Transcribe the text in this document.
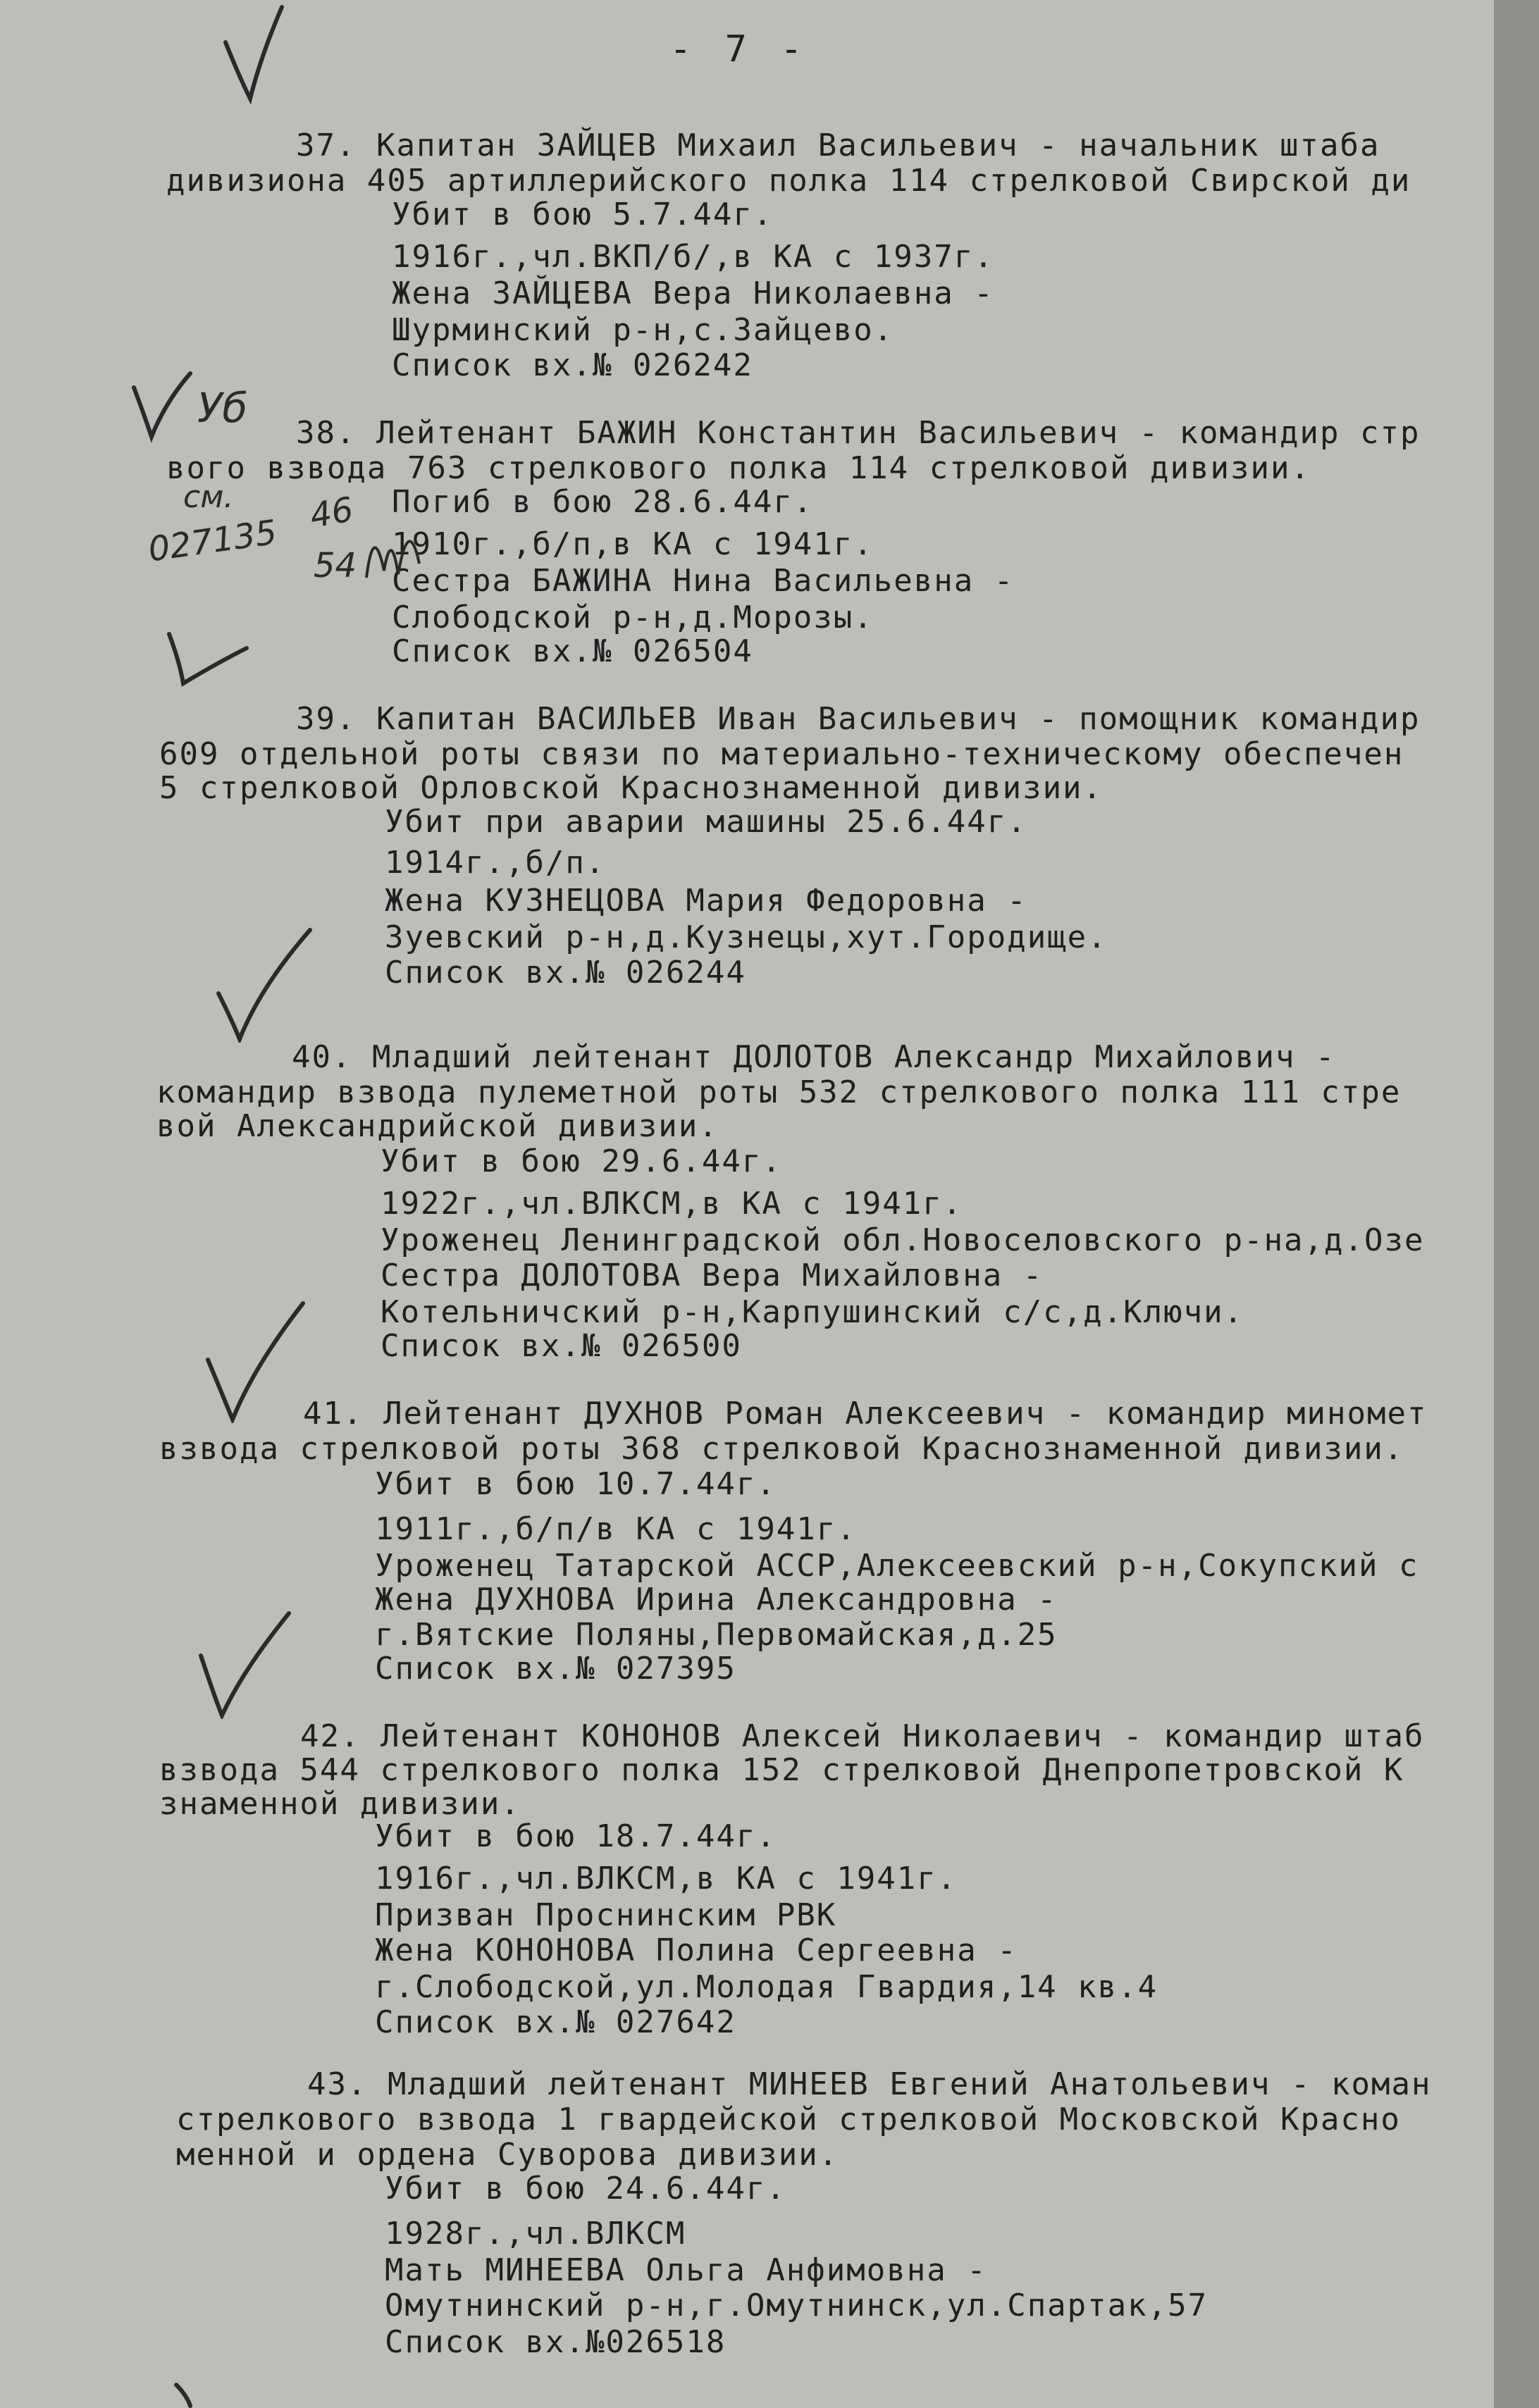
- 7 -
37. Капитан ЗАЙЦЕВ Михаил Васильевич - начальник штаба
дивизиона 405 артиллерийского полка 114 стрелковой Свирской ди
Убит в бою 5.7.44г.
1916г.,чл.ВКП/б/,в КА с 1937г.
Жена ЗАЙЦЕВА Вера Николаевна -
Шурминский р-н,с.Зайцево.
Список вх.№ 026242
38. Лейтенант БАЖИН Константин Васильевич - командир стр
вого взвода 763 стрелкового полка 114 стрелковой дивизии.
Погиб в бою 28.6.44г.
1910г.,б/п,в КА с 1941г.
Сестра БАЖИНА Нина Васильевна -
Слободской р-н,д.Морозы.
Список вх.№ 026504
39. Капитан ВАСИЛЬЕВ Иван Васильевич - помощник командир
609 отдельной роты связи по материально-техническому обеспечен
5 стрелковой Орловской Краснознаменной дивизии.
Убит при аварии машины 25.6.44г.
1914г.,б/п.
Жена КУЗНЕЦОВА Мария Федоровна -
Зуевский р-н,д.Кузнецы,хут.Городище.
Список вх.№ 026244
40. Младший лейтенант ДОЛОТОВ Александр Михайлович -
командир взвода пулеметной роты 532 стрелкового полка 111 стре
вой Александрийской дивизии.
Убит в бою 29.6.44г.
1922г.,чл.ВЛКСМ,в КА с 1941г.
Уроженец Ленинградской обл.Новоселовского р-на,д.Озе
Сестра ДОЛОТОВА Вера Михайловна -
Котельничский р-н,Карпушинский с/с,д.Ключи.
Список вх.№ 026500
41. Лейтенант ДУХНОВ Роман Алексеевич - командир миномет
взвода стрелковой роты 368 стрелковой Краснознаменной дивизии.
Убит в бою 10.7.44г.
1911г.,б/п/в КА с 1941г.
Уроженец Татарской АССР,Алексеевский р-н,Сокупский с
Жена ДУХНОВА Ирина Александровна -
г.Вятские Поляны,Первомайская,д.25
Список вх.№ 027395
42. Лейтенант КОНОНОВ Алексей Николаевич - командир штаб
взвода 544 стрелкового полка 152 стрелковой Днепропетровской К
знаменной дивизии.
Убит в бою 18.7.44г.
1916г.,чл.ВЛКСМ,в КА с 1941г.
Призван Проснинским РВК
Жена КОНОНОВА Полина Сергеевна -
г.Слободской,ул.Молодая Гвардия,14 кв.4
Список вх.№ 027642
43. Младший лейтенант МИНЕЕВ Евгений Анатольевич - коман
стрелкового взвода 1 гвардейской стрелковой Московской Красно
менной и ордена Суворова дивизии.
Убит в бою 24.6.44г.
1928г.,чл.ВЛКСМ
Мать МИНЕЕВА Ольга Анфимовна -
Омутнинский р-н,г.Омутнинск,ул.Спартак,57
Список вх.№026518
Уб
см.
027135 46
54
